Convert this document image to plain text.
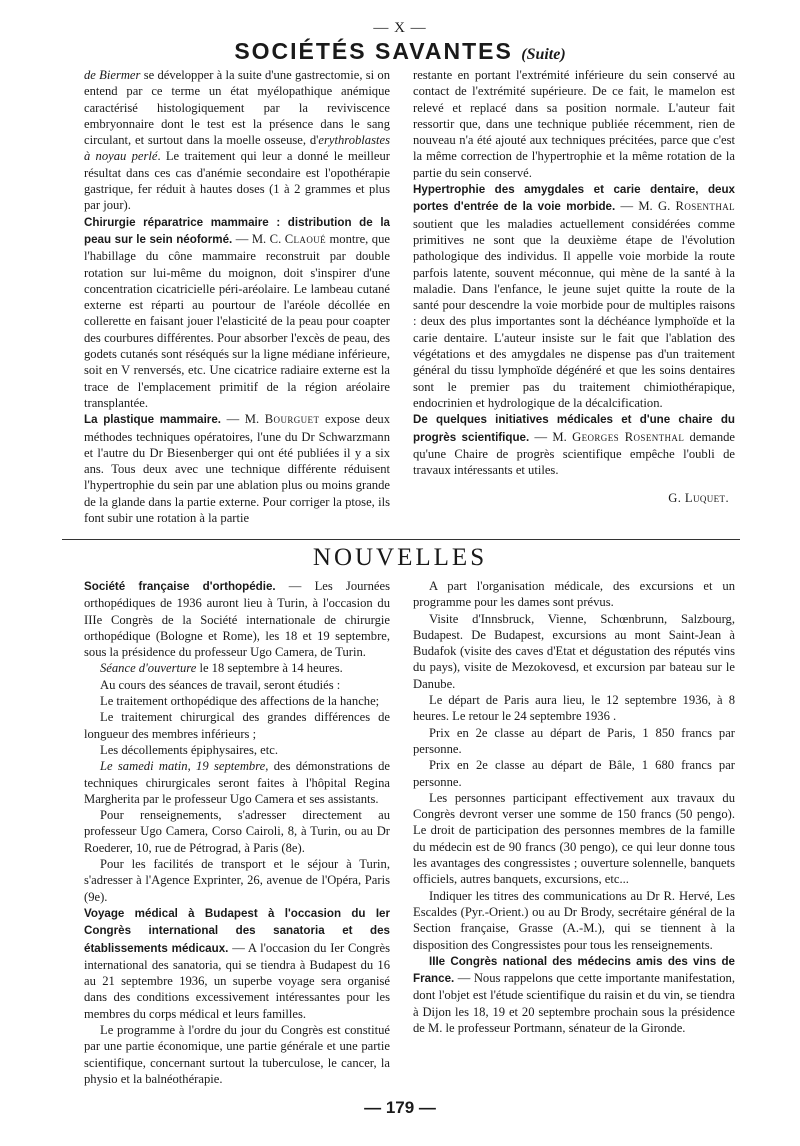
— X —
SOCIÉTÉS SAVANTES (Suite)

de Biermer se développer à la suite d'une gastrectomie, si on entend par ce terme un état myélopathique anémique caractérisé histologiquement par la reviviscence embryonnaire dont le test est la présence dans le sang circulant, et surtout dans la moelle osseuse, d'erythroblastes à noyau perlé. Le traitement qui leur a donné le meilleur résultat dans ces cas d'anémie secondaire est l'opothérapie gastrique, fer réduit à hautes doses (1 à 2 grammes et plus par jour).

Chirurgie réparatrice mammaire : distribution de la peau sur le sein néoformé. — M. C. Claoué montre, que l'habillage du cône mammaire reconstruit par double rotation sur lui-même du moignon, doit s'inspirer d'une concentration cicatricielle péri-aréolaire. Le lambeau cutané externe est réparti au pourtour de l'aréole décollée en collerette en faisant jouer l'elasticité de la peau pour coapter des courbures différentes. Pour absorber l'excès de peau, des godets cutanés sont réséqués sur la ligne médiane inférieure, soit en V renversés, etc. Une cicatrice radiaire externe est la trace de l'emplacement primitif de la région aréolaire transplantée.

La plastique mammaire. — M. Bourguet expose deux méthodes techniques opératoires, l'une du Dr Schwarzmann et l'autre du Dr Biesenberger qui ont été publiées il y a six ans. Tous deux avec une technique différente réduisent l'hypertrophie du sein par une ablation plus ou moins grande de la glande dans la partie externe. Pour corriger la ptose, ils font subir une rotation à la partie

restante en portant l'extrémité inférieure du sein conservé au contact de l'extrémité supérieure. De ce fait, le mamelon est relevé et replacé dans sa position normale. L'auteur fait ressortir que, dans une technique publiée récemment, rien de nouveau n'a été ajouté aux techniques précitées, parce que c'est la même correction de l'hypertrophie et la même rotation de la partie du sein conservé.

Hypertrophie des amygdales et carie dentaire, deux portes d'entrée de la voie morbide. — M. G. Rosenthal soutient que les maladies actuellement considérées comme primitives ne sont que la deuxième étape de l'évolution pathologique des individus. Il appelle voie morbide la route parfois latente, souvent méconnue, qui mène de la santé à la maladie. Dans l'enfance, le jeune sujet quitte la route de la santé pour descendre la voie morbide pour de multiples raisons : deux des plus importantes sont la déchéance lymphoïde et la carie dentaire. L'auteur insiste sur le fait que l'ablation des végétations et des amygdales ne dispense pas d'un traitement général du tissu lymphoïde dégénéré et que les soins dentaires sont le premier pas du traitement chimiothérapique, endocrinien et hydrologique de la décalcification.

De quelques initiatives médicales et d'une chaire du progrès scientifique. — M. Georges Rosenthal demande qu'une Chaire de progrès scientifique empêche l'oubli de travaux intéressants et utiles.

G. Luquet.

NOUVELLES

Société française d'orthopédie. — Les Journées orthopédiques de 1936 auront lieu à Turin, à l'occasion du IIIe Congrès de la Société internationale de chirurgie orthopédique (Bologne et Rome), les 18 et 19 septembre, sous la présidence du professeur Ugo Camera, de Turin.

Séance d'ouverture le 18 septembre à 14 heures.

Au cours des séances de travail, seront étudiés :

Le traitement orthopédique des affections de la hanche;

Le traitement chirurgical des grandes différences de longueur des membres inférieurs ;

Les décollements épiphysaires, etc.

Le samedi matin, 19 septembre, des démonstrations de techniques chirurgicales seront faites à l'hôpital Regina Margherita par le professeur Ugo Camera et ses assistants.

Pour renseignements, s'adresser directement au professeur Ugo Camera, Corso Cairoli, 8, à Turin, ou au Dr Roederer, 10, rue de Pétrograd, à Paris (8e).

Pour les facilités de transport et le séjour à Turin, s'adresser à l'Agence Exprinter, 26, avenue de l'Opéra, Paris (9e).

Voyage médical à Budapest à l'occasion du Ier Congrès international des sanatoria et des établissements médicaux. — A l'occasion du Ier Congrès international des sanatoria, qui se tiendra à Budapest du 16 au 21 septembre 1936, un superbe voyage sera organisé dans des conditions excessivement intéressantes pour les membres du corps médical et leurs familles.

Le programme à l'ordre du jour du Congrès est constitué par une partie économique, une partie générale et une partie scientifique, concernant surtout la tuberculose, le cancer, la physio et la balnéothérapie.

A part l'organisation médicale, des excursions et un programme pour les dames sont prévus.

Visite d'Innsbruck, Vienne, Schœnbrunn, Salzbourg, Budapest. De Budapest, excursions au mont Saint-Jean à Budafok (visite des caves d'Etat et dégustation des réputés vins du pays), visite de Mezokovesd, et excursion par bateau sur le Danube.

Le départ de Paris aura lieu, le 12 septembre 1936, à 8 heures. Le retour le 24 septembre 1936 .

Prix en 2e classe au départ de Paris, 1 850 francs par personne.

Prix en 2e classe au départ de Bâle, 1 680 francs par personne.

Les personnes participant effectivement aux travaux du Congrès devront verser une somme de 150 francs (50 pengo). Le droit de participation des personnes membres de la famille du médecin est de 90 francs (30 pengo), ce qui leur donne tous les avantages des congressistes ; ouverture solennelle, banquets officiels, autres banquets, excursions, etc...

Indiquer les titres des communications au Dr R. Hervé, Les Escaldes (Pyr.-Orient.) ou au Dr Brody, secrétaire général de la Section française, Grasse (A.-M.), qui se tiennent à la disposition des Congressistes pour tous les renseignements.

IIIe Congrès national des médecins amis des vins de France. — Nous rappelons que cette importante manifestation, dont l'objet est l'étude scientifique du raisin et du vin, se tiendra à Dijon les 18, 19 et 20 septembre prochain sous la présidence de M. le professeur Portmann, sénateur de la Gironde.

— 179 —
